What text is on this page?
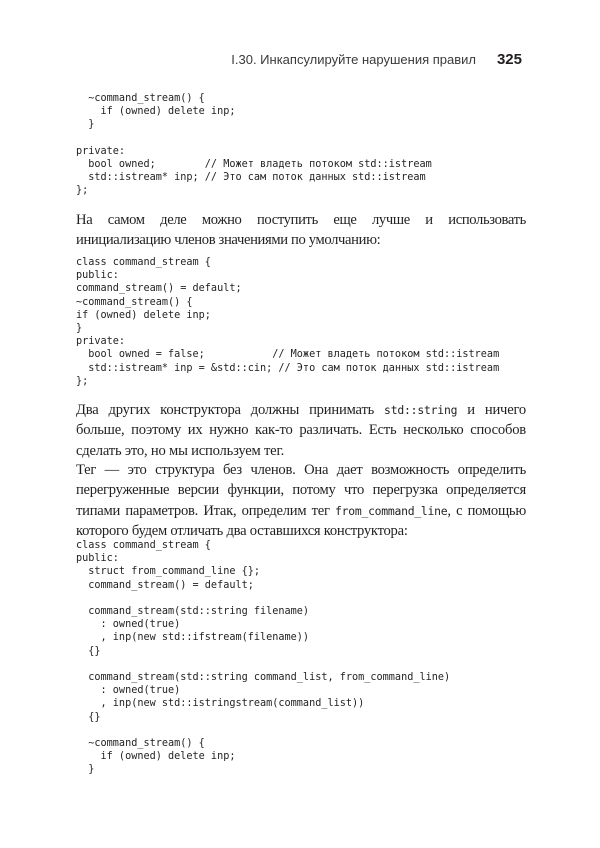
I.30. Инкапсулируйте нарушения правил 325
~command_stream() {
if (owned) delete inp;
}

private:
bool owned;        // Может владеть потоком std::istream
std::istream* inp; // Это сам поток данных std::istream
};

На самом деле можно поступить еще лучше и использовать инициализацию членов значениями по умолчанию:

class command_stream {
public:
command_stream() = default;
~command_stream() {
if (owned) delete inp;
}
private:
bool owned = false;           // Может владеть потоком std::istream
std::istream* inp = &std::cin; // Это сам поток данных std::istream
};

Два других конструктора должны принимать std::string и ничего больше, поэтому их нужно как-то различать. Есть несколько способов сделать это, но мы используем тег.

Тег — это структура без членов. Она дает возможность определить перегруженные версии функции, потому что перегрузка определяется типами параметров. Итак, определим тег from_command_line, с помощью которого будем отличать два оставшихся конструктора:

class command_stream {
public:
struct from_command_line {};
command_stream() = default;

command_stream(std::string filename)
: owned(true)
, inp(new std::ifstream(filename))
{}

command_stream(std::string command_list, from_command_line)
: owned(true)
, inp(new std::istringstream(command_list))
{}

~command_stream() {
if (owned) delete inp;
}
